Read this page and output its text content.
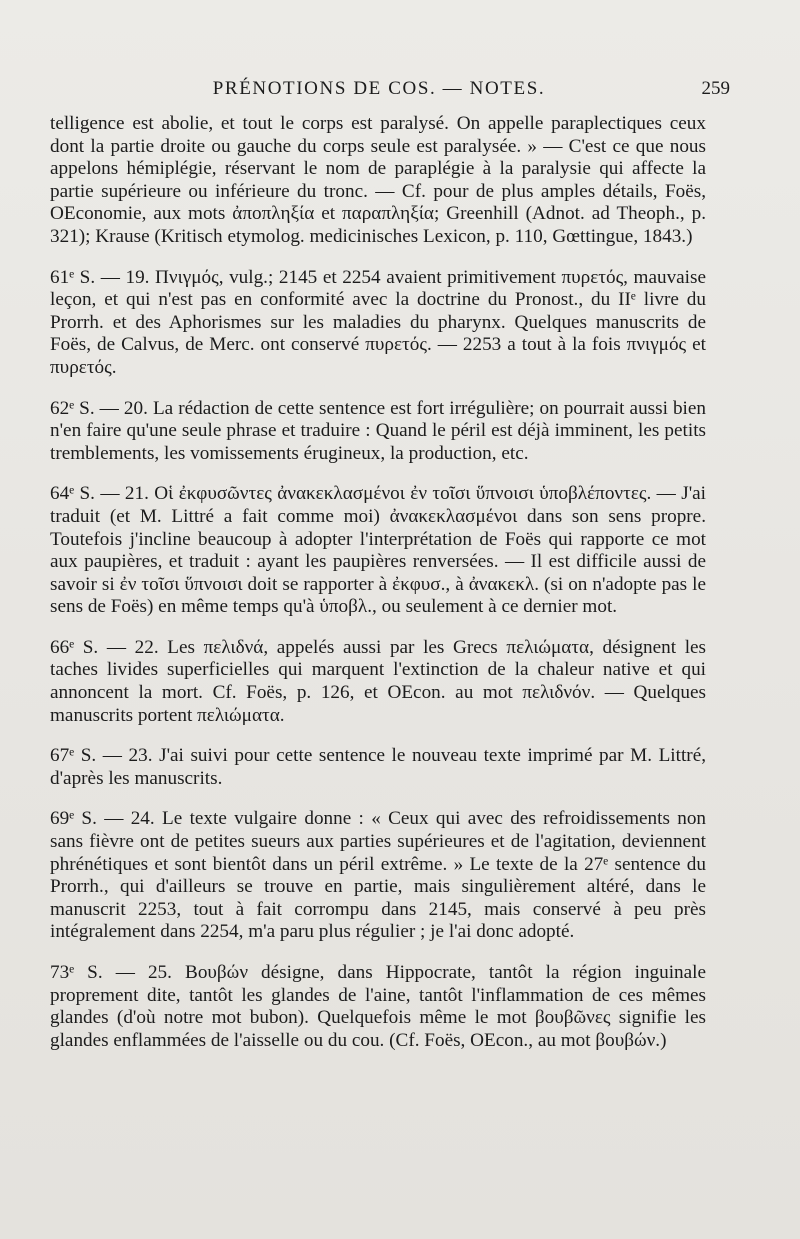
PRÉNOTIONS DE COS. — NOTES.	259

telligence est abolie, et tout le corps est paralysé. On appelle paraplectiques ceux dont la partie droite ou gauche du corps seule est paralysée. » — C'est ce que nous appelons hémiplégie, réservant le nom de paraplégie à la paralysie qui affecte la partie supérieure ou inférieure du tronc. — Cf. pour de plus amples détails, Foës, OEconomie, aux mots ἀποπληξία et παραπληξία; Greenhill (Adnot. ad Theoph., p. 321); Krause (Kritisch etymolog. medicinisches Lexicon, p. 110, Gœttingue, 1843.)

61ᵉ S. — 19. Πνιγμός, vulg.; 2145 et 2254 avaient primitivement πυρετός, mauvaise leçon, et qui n'est pas en conformité avec la doctrine du Pronost., du IIᵉ livre du Prorrh. et des Aphorismes sur les maladies du pharynx. Quelques manuscrits de Foës, de Calvus, de Merc. ont conservé πυρετός. — 2253 a tout à la fois πνιγμός et πυρετός.

62ᵉ S. — 20. La rédaction de cette sentence est fort irrégulière; on pourrait aussi bien n'en faire qu'une seule phrase et traduire : Quand le péril est déjà imminent, les petits tremblements, les vomissements érugineux, la production, etc.

64ᵉ S. — 21. Οἱ ἐκφυσῶντες ἀνακεκλασμένοι ἐν τοῖσι ὕπνοισι ὑποβλέποντες. — J'ai traduit (et M. Littré a fait comme moi) ἀνακεκλασμένοι dans son sens propre. Toutefois j'incline beaucoup à adopter l'interprétation de Foës qui rapporte ce mot aux paupières, et traduit : ayant les paupières renversées. — Il est difficile aussi de savoir si ἐν τοῖσι ὕπνοισι doit se rapporter à ἐκφυσ., à ἀνακεκλ. (si on n'adopte pas le sens de Foës) en même temps qu'à ὑποβλ., ou seulement à ce dernier mot.

66ᵉ S. — 22. Les πελιδνά, appelés aussi par les Grecs πελιώματα, désignent les taches livides superficielles qui marquent l'extinction de la chaleur native et qui annoncent la mort. Cf. Foës, p. 126, et OEcon. au mot πελιδνόν. — Quelques manuscrits portent πελιώματα.

67ᵉ S. — 23. J'ai suivi pour cette sentence le nouveau texte imprimé par M. Littré, d'après les manuscrits.

69ᵉ S. — 24. Le texte vulgaire donne : « Ceux qui avec des refroidissements non sans fièvre ont de petites sueurs aux parties supérieures et de l'agitation, deviennent phrénétiques et sont bientôt dans un péril extrême. » Le texte de la 27ᵉ sentence du Prorrh., qui d'ailleurs se trouve en partie, mais singulièrement altéré, dans le manuscrit 2253, tout à fait corrompu dans 2145, mais conservé à peu près intégralement dans 2254, m'a paru plus régulier ; je l'ai donc adopté.

73ᵉ S. — 25. Βουβών désigne, dans Hippocrate, tantôt la région inguinale proprement dite, tantôt les glandes de l'aine, tantôt l'inflammation de ces mêmes glandes (d'où notre mot bubon). Quelquefois même le mot βουβῶνες signifie les glandes enflammées de l'aisselle ou du cou. (Cf. Foës, OEcon., au mot βουβών.)
